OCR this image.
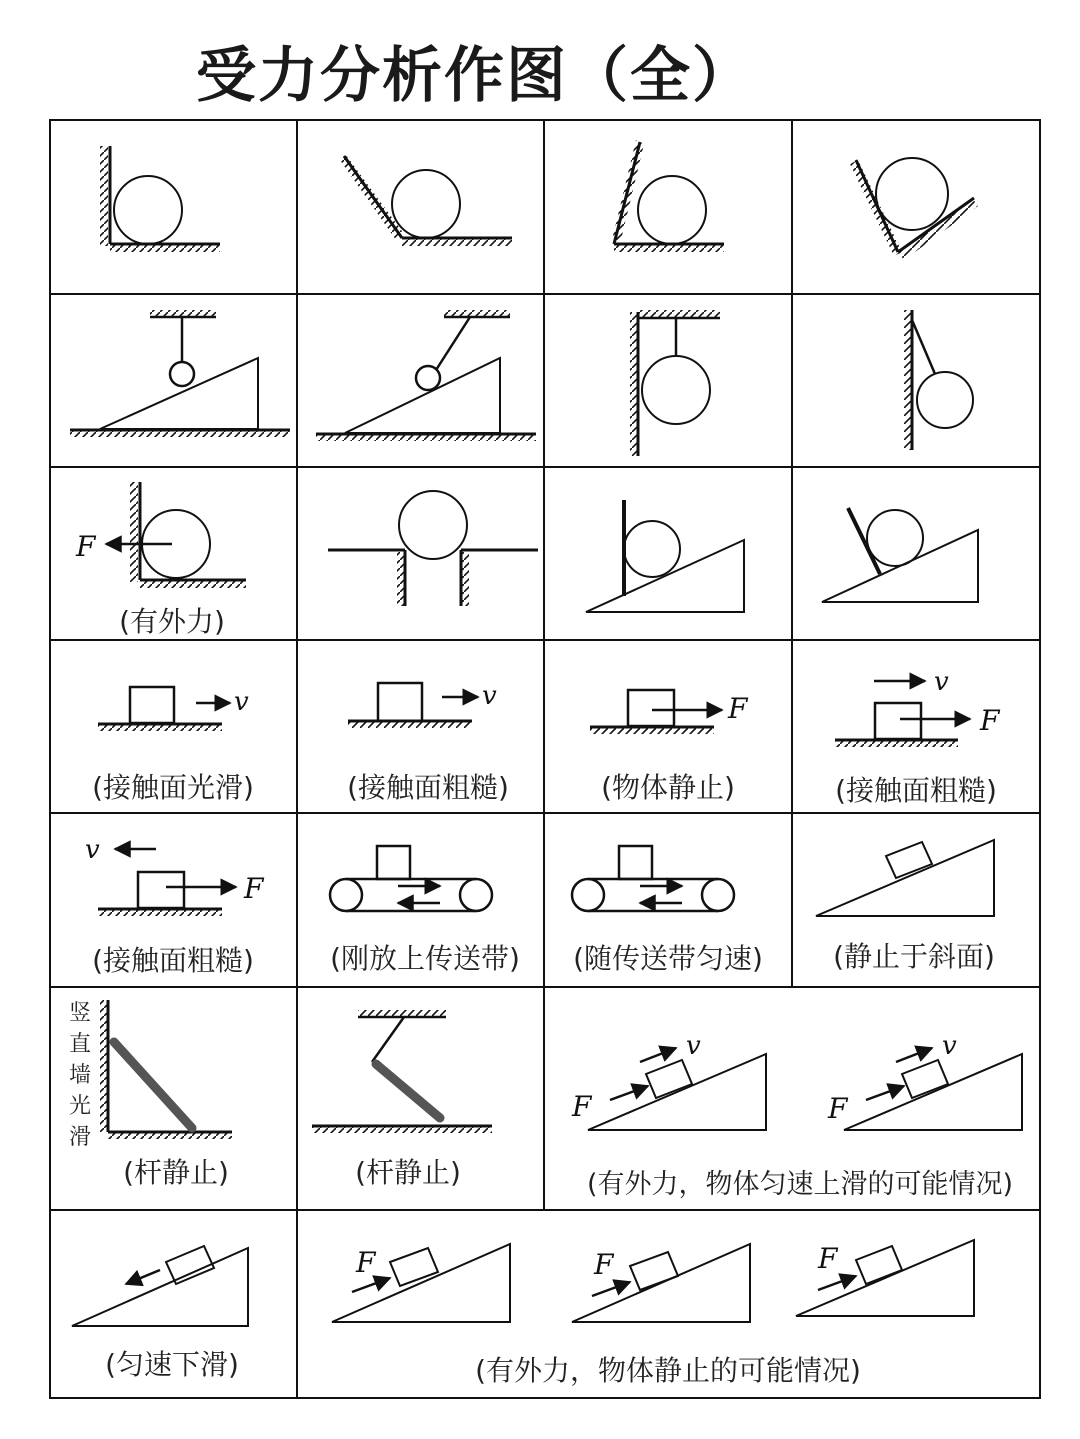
受力分析作图（全）
F
(有外力)
v
(接触面光滑)
v
(接触面粗糙)
F
(物体静止)
v
F
(接触面粗糙)
v
F
(接触面粗糙)	(刚放上传送带) (随传送带匀速)	(静止于斜面)
竖
直
墙
光
滑
(杆静止)	(杆静止)
v
F
v
F
(有外力，物体匀速上滑的可能情况)
(匀速下滑)
F	F	F
(有外力，物体静止的可能情况)
